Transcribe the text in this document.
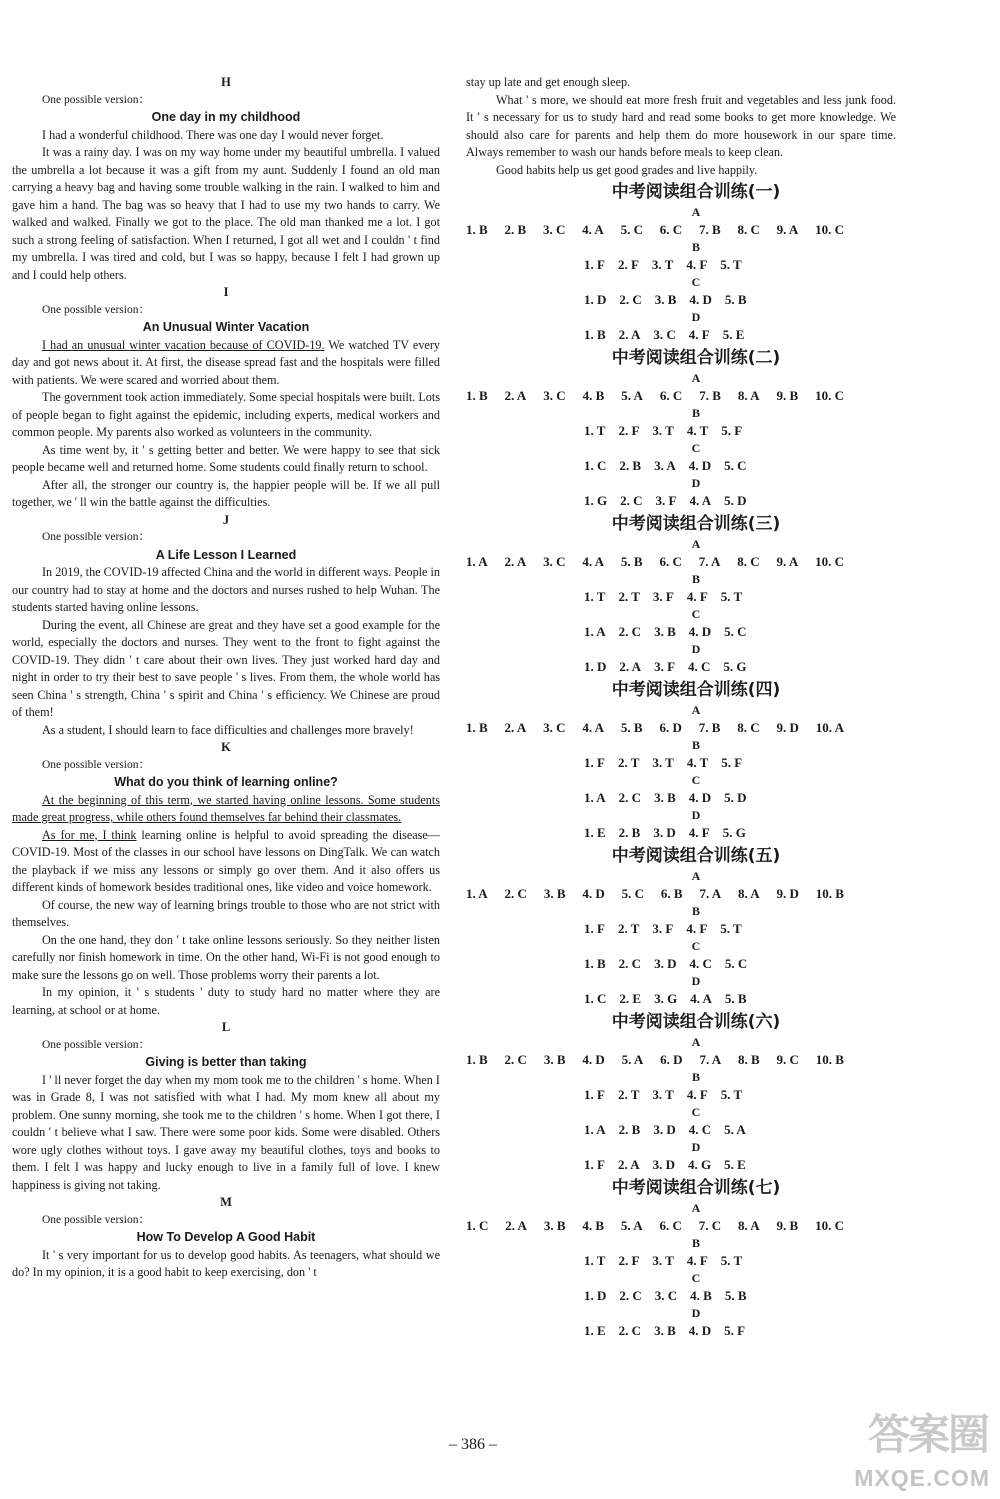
H
One possible version：
One day in my childhood

I had a wonderful childhood. There was one day I would never forget.

It was a rainy day. I was on my way home under my beautiful umbrella. I valued the umbrella a lot because it was a gift from my aunt. Suddenly I found an old man carrying a heavy bag and having some trouble walking in the rain. I walked to him and gave him a hand. The bag was so heavy that I had to use my two hands to carry. We walked and walked. Finally we got to the place. The old man thanked me a lot. I got such a strong feeling of satisfaction. When I returned, I got all wet and I couldn ' t find my umbrella. I was tired and cold, but I was so happy, because I felt I had grown up and I could help others.

I
One possible version：
An Unusual Winter Vacation

I had an unusual winter vacation because of COVID-19. We watched TV every day and got news about it. At first, the disease spread fast and the hospitals were filled with patients. We were scared and worried about them.

The government took action immediately. Some special hospitals were built. Lots of people began to fight against the epidemic, including experts, medical workers and common people. My parents also worked as volunteers in the community.

As time went by, it ' s getting better and better. We were happy to see that sick people became well and returned home. Some students could finally return to school.

After all, the stronger our country is, the happier people will be. If we all pull together, we ' ll win the battle against the difficulties.

J
One possible version：
A Life Lesson I Learned

In 2019, the COVID-19 affected China and the world in different ways. People in our country had to stay at home and the doctors and nurses rushed to help Wuhan. The students started having online lessons.

During the event, all Chinese are great and they have set a good example for the world, especially the doctors and nurses. They went to the front to fight against the COVID-19. They didn ' t care about their own lives. They just worked hard day and night in order to try their best to save people ' s lives. From them, the whole world has seen China ' s strength, China ' s spirit and China ' s efficiency. We Chinese are proud of them!

As a student, I should learn to face difficulties and challenges more bravely!

K
One possible version：
What do you think of learning online?

At the beginning of this term, we started having online lessons. Some students made great progress, while others found themselves far behind their classmates.

As for me, I think learning online is helpful to avoid spreading the disease—COVID-19. Most of the classes in our school have lessons on DingTalk. We can watch the playback if we miss any lessons or simply go over them. And it also offers us different kinds of homework besides traditional ones, like video and voice homework.

Of course, the new way of learning brings trouble to those who are not strict with themselves.

On the one hand, they don ' t take online lessons seriously. So they neither listen carefully nor finish homework in time. On the other hand, Wi-Fi is not good enough to make sure the lessons go on well. Those problems worry their parents a lot.

In my opinion, it ' s students ' duty to study hard no matter where they are learning, at school or at home.

L
One possible version：
Giving is better than taking

I ' ll never forget the day when my mom took me to the children ' s home. When I was in Grade 8, I was not satisfied with what I had. My mom knew all about my problem. One sunny morning, she took me to the children ' s home. When I got there, I couldn ' t believe what I saw. There were some poor kids. Some were disabled. Others wore ugly clothes without toys. I gave away my beautiful clothes, toys and books to them. I felt I was happy and lucky enough to live in a family full of love. I knew happiness is giving not taking.

M
One possible version：
How To Develop A Good Habit

It ' s very important for us to develop good habits. As teenagers, what should we do? In my opinion, it is a good habit to keep exercising, don ' t

stay up late and get enough sleep.

What ' s more, we should eat more fresh fruit and vegetables and less junk food. It ' s necessary for us to study hard and read some books to get more knowledge. We should also care for parents and help them do more housework in our spare time. Always remember to wash our hands before meals to keep clean.

Good habits help us get good grades and live happily.

中考阅读组合训练(一)
A
1. B 2. B 3. C 4. A 5. C 6. C 7. B 8. C 9. A 10. C
B
1. F 2. F 3. T 4. F 5. T
C
1. D 2. C 3. B 4. D 5. B
D
1. B 2. A 3. C 4. F 5. E
中考阅读组合训练(二)
A
1. B 2. A 3. C 4. B 5. A 6. C 7. B 8. A 9. B 10. C
B
1. T 2. F 3. T 4. T 5. F
C
1. C 2. B 3. A 4. D 5. C
D
1. G 2. C 3. F 4. A 5. D
中考阅读组合训练(三)
A
1. A 2. A 3. C 4. A 5. B 6. C 7. A 8. C 9. A 10. C
B
1. T 2. T 3. F 4. F 5. T
C
1. A 2. C 3. B 4. D 5. C
D
1. D 2. A 3. F 4. C 5. G
中考阅读组合训练(四)
A
1. B 2. A 3. C 4. A 5. B 6. D 7. B 8. C 9. D 10. A
B
1. F 2. T 3. T 4. T 5. F
C
1. A 2. C 3. B 4. D 5. D
D
1. E 2. B 3. D 4. F 5. G
中考阅读组合训练(五)
A
1. A 2. C 3. B 4. D 5. C 6. B 7. A 8. A 9. D 10. B
B
1. F 2. T 3. F 4. F 5. T
C
1. B 2. C 3. D 4. C 5. C
D
1. C 2. E 3. G 4. A 5. B
中考阅读组合训练(六)
A
1. B 2. C 3. B 4. D 5. A 6. D 7. A 8. B 9. C 10. B
B
1. F 2. T 3. T 4. F 5. T
C
1. A 2. B 3. D 4. C 5. A
D
1. F 2. A 3. D 4. G 5. E
中考阅读组合训练(七)
A
1. C 2. A 3. B 4. B 5. A 6. C 7. C 8. A 9. B 10. C
B
1. T 2. F 3. T 4. F 5. T
C
1. D 2. C 3. C 4. B 5. B
D
1. E 2. C 3. B 4. D 5. F
– 386 –	答案圈
MXQE.COM
